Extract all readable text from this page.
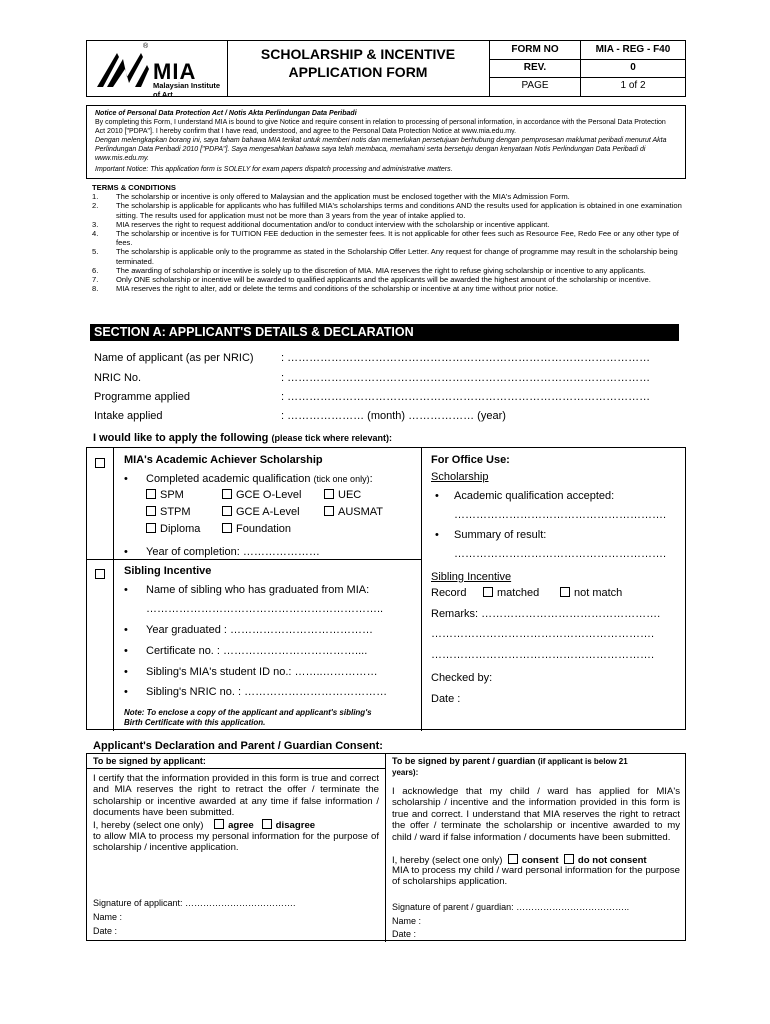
®
MIA
Malaysian Institute of Art
SCHOLARSHIP & INCENTIVE
APPLICATION FORM
FORM NO	MIA - REG - F40
REV.	0
PAGE	1 of 2
Notice of Personal Data Protection Act / Notis Akta Perlindungan Data Peribadi
By completing this Form, I understand MIA is bound to give Notice and require consent in relation to processing of personal information, in accordance with the Personal Data Protection Act 2010 ["PDPA"]. I hereby confirm that I have read, understood, and agree to the Personal Data Protection Notice at www.mia.edu.my.
Dengan melengkapkan borang ini, saya faham bahawa MIA terikat untuk memberi notis dan memerlukan persetujuan berhubung dengan pemprosesan maklumat peribadi menurut Akta Perlindungan Data Peribadi 2010 ["PDPA"]. Saya mengesahkan bahawa saya telah membaca, memahami serta bersetuju dengan kenyataan Notis Perlindungan Data Peribadi di www.mis.edu.my.
Important Notice: This application form is SOLELY for exam papers dispatch processing and administrative matters.
TERMS & CONDITIONS
1. The scholarship or incentive is only offered to Malaysian and the application must be enclosed together with the MIA's Admission Form.
2. The scholarship is applicable for applicants who has fulfilled MIA's scholarships terms and conditions AND the results used for application is obtained in one examination sitting. The results used for application must not be more than 3 years from the year of intake applied to.
3. MIA reserves the right to request additional documentation and/or to conduct interview with the scholarship or incentive applicant.
4. The scholarship or incentive is for TUITION FEE deduction in the semester fees. It is not applicable for other fees such as Resource Fee, Redo Fee or any other type of fees.
5. The scholarship is applicable only to the programme as stated in the Scholarship Offer Letter. Any request for change of programme may result in the scholarship being terminated.
6. The awarding of scholarship or incentive is solely up to the discretion of MIA. MIA reserves the right to refuse giving scholarship or incentive to any applicants.
7. Only ONE scholarship or incentive will be awarded to qualified applicants and the applicants will be awarded the highest amount of the scholarship or incentive.
8. MIA reserves the right to alter, add or delete the terms and conditions of the scholarship or incentive at any time without prior notice.
SECTION A: APPLICANT'S DETAILS & DECLARATION
Name of applicant (as per NRIC) : ………………………………………………………………………………………
NRIC No.	: ………………………………………………………………………………………
Programme applied	: ………………………………………………………………………………………
Intake applied	: ………………… (month) ……………… (year)
I would like to apply the following (please tick where relevant):
MIA's Academic Achiever Scholarship
• Completed academic qualification (tick one only):
SPM	GCE O-Level	UEC
STPM	GCE A-Level	AUSMAT
Diploma	Foundation
• Year of completion: …………………
Sibling Incentive
• Name of sibling who has graduated from MIA:
………………………………………………………..
• Year graduated : …………………………………
• Certificate no. : ………………………………....
• Sibling's MIA's student ID no.: ……..……………
• Sibling's NRIC no. : …………………………………
For Office Use:
Scholarship
• Academic qualification accepted:
………………………………………………….
• Summary of result:
………………………………………………….
Sibling Incentive
Record	matched	not match
Remarks: ………………………………………….
…………………………………………………….
…………………………………………………….
Checked by:
Date :
Note: To enclose a copy of the applicant and applicant's sibling's
Birth Certificate with this application.
Applicant's Declaration and Parent / Guardian Consent:
To be signed by applicant:
I certify that the information provided in this form is true and correct and MIA reserves the right to retract the offer / terminate the scholarship or incentive awarded at any time if false information / documents have been submitted.
I, hereby (select one only)	agree disagree
to allow MIA to process my personal information for the purpose of scholarship / incentive application.
Signature of applicant: ……………………………….
Name :
Date :
To be signed by parent / guardian (if applicant is below 21
years):
I acknowledge that my child / ward has applied for MIA's scholarship / incentive and the information provided in this form is true and correct. I understand that MIA reserves the right to retract the offer / terminate the scholarship or incentive awarded to my child / ward if false information / documents have been submitted.
I, hereby (select one only) consent do not consent
MIA to process my child / ward personal information for the purpose of scholarships application.
Signature of parent / guardian: ………………………………..
Name :
Date :
